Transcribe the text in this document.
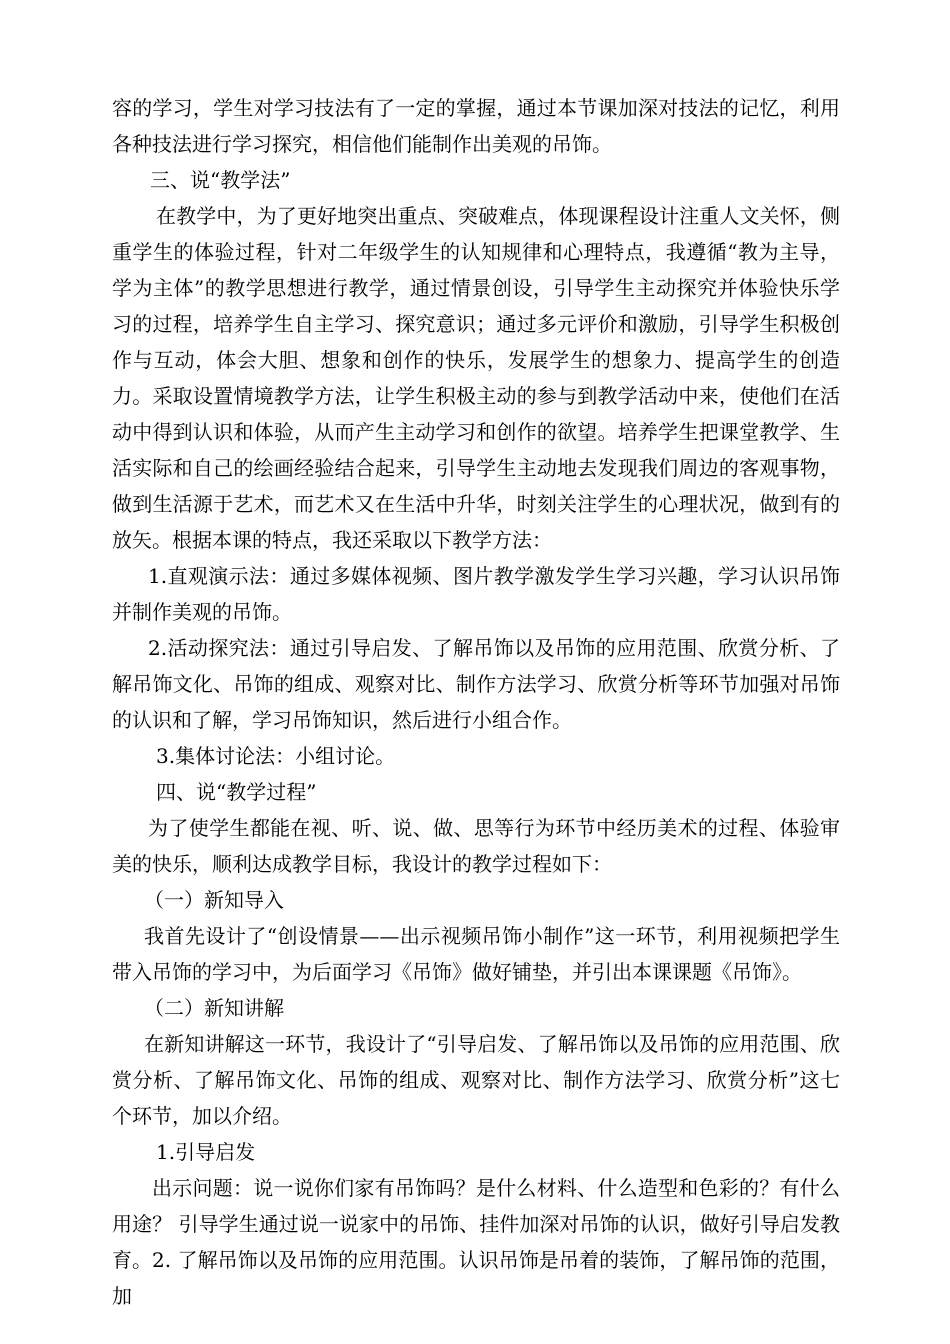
容的学习，学生对学习技法有了一定的掌握，通过本节课加深对技法的记忆，利用各种技法进行学习探究，相信他们能制作出美观的吊饰。

三、说“教学法”

在教学中，为了更好地突出重点、突破难点，体现课程设计注重人文关怀，侧重学生的体验过程，针对二年级学生的认知规律和心理特点，我遵循“教为主导，学为主体”的教学思想进行教学，通过情景创设，引导学生主动探究并体验快乐学习的过程，培养学生自主学习、探究意识；通过多元评价和激励，引导学生积极创作与互动，体会大胆、想象和创作的快乐，发展学生的想象力、提高学生的创造力。采取设置情境教学方法，让学生积极主动的参与到教学活动中来，使他们在活动中得到认识和体验，从而产生主动学习和创作的欲望。培养学生把课堂教学、生活实际和自己的绘画经验结合起来，引导学生主动地去发现我们周边的客观事物，做到生活源于艺术，而艺术又在生活中升华，时刻关注学生的心理状况，做到有的放矢。根据本课的特点，我还采取以下教学方法：

1.直观演示法：通过多媒体视频、图片教学激发学生学习兴趣，学习认识吊饰并制作美观的吊饰。

2.活动探究法：通过引导启发、了解吊饰以及吊饰的应用范围、欣赏分析、了解吊饰文化、吊饰的组成、观察对比、制作方法学习、欣赏分析等环节加强对吊饰的认识和了解，学习吊饰知识，然后进行小组合作。

3.集体讨论法：小组讨论。

四、说“教学过程”

为了使学生都能在视、听、说、做、思等行为环节中经历美术的过程、体验审美的快乐，顺利达成教学目标，我设计的教学过程如下：

（一）新知导入

我首先设计了“创设情景——出示视频吊饰小制作”这一环节，利用视频把学生带入吊饰的学习中，为后面学习《吊饰》做好铺垫，并引出本课课题《吊饰》。

（二）新知讲解

在新知讲解这一环节，我设计了“引导启发、了解吊饰以及吊饰的应用范围、欣赏分析、了解吊饰文化、吊饰的组成、观察对比、制作方法学习、欣赏分析”这七个环节，加以介绍。

1.引导启发

出示问题：说一说你们家有吊饰吗？是什么材料、什么造型和色彩的？有什么 用途？ 引导学生通过说一说家中的吊饰、挂件加深对吊饰的认识，做好引导启发教育。 2. 了解吊饰以及吊饰的应用范围。认识吊饰是吊着的装饰，了解吊饰的范围，加
